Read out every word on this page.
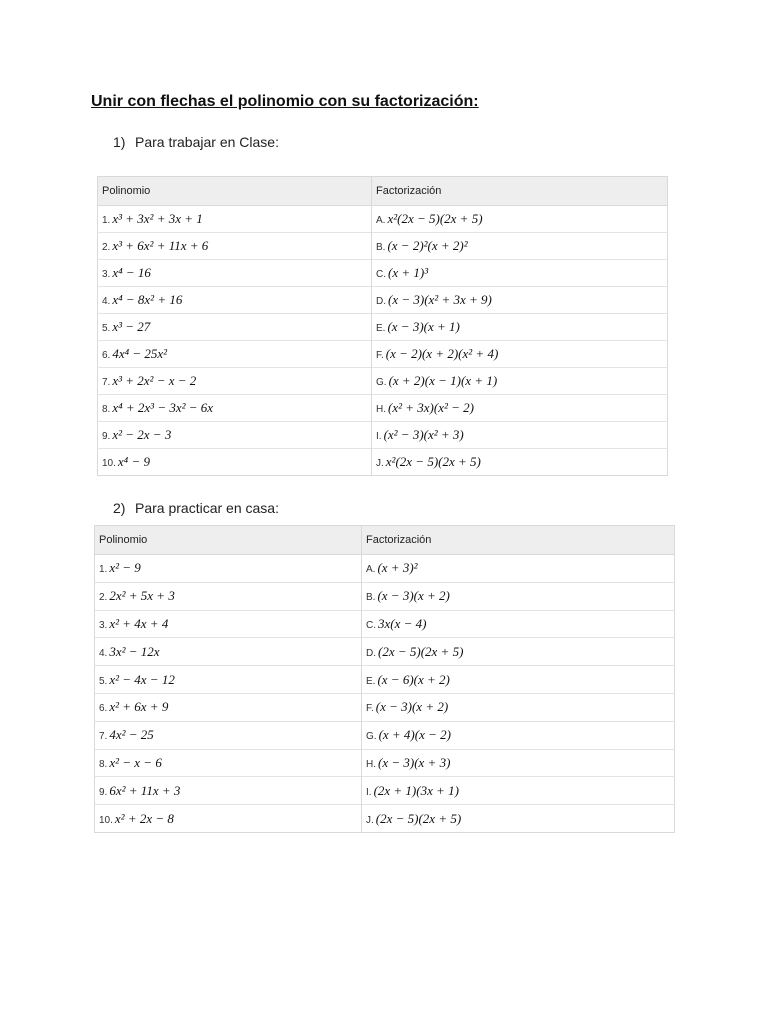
Unir con flechas el polinomio con su factorización:
1) Para trabajar en Clase:
Polinomio	Factorización
1. x³ + 3x² + 3x + 1	A. x²(2x − 5)(2x + 5)
2. x³ + 6x² + 11x + 6	B. (x − 2)²(x + 2)²
3. x⁴ − 16	C. (x + 1)³
4. x⁴ − 8x² + 16	D. (x − 3)(x² + 3x + 9)
5. x³ − 27	E. (x − 3)(x + 1)
6. 4x⁴ − 25x²	F. (x − 2)(x + 2)(x² + 4)
7. x³ + 2x² − x − 2	G. (x + 2)(x − 1)(x + 1)
8. x⁴ + 2x³ − 3x² − 6x	H. (x² + 3x)(x² − 2)
9. x² − 2x − 3	I. (x² − 3)(x² + 3)
10. x⁴ − 9	J. x²(2x − 5)(2x + 5)
2) Para practicar en casa:
Polinomio	Factorización
1. x² − 9	A. (x + 3)²
2. 2x² + 5x + 3	B. (x − 3)(x + 2)
3. x² + 4x + 4	C. 3x(x − 4)
4. 3x² − 12x	D. (2x − 5)(2x + 5)
5. x² − 4x − 12	E. (x − 6)(x + 2)
6. x² + 6x + 9	F. (x − 3)(x + 2)
7. 4x² − 25	G. (x + 4)(x − 2)
8. x² − x − 6	H. (x − 3)(x + 3)
9. 6x² + 11x + 3	I. (2x + 1)(3x + 1)
10. x² + 2x − 8	J. (2x − 5)(2x + 5)
